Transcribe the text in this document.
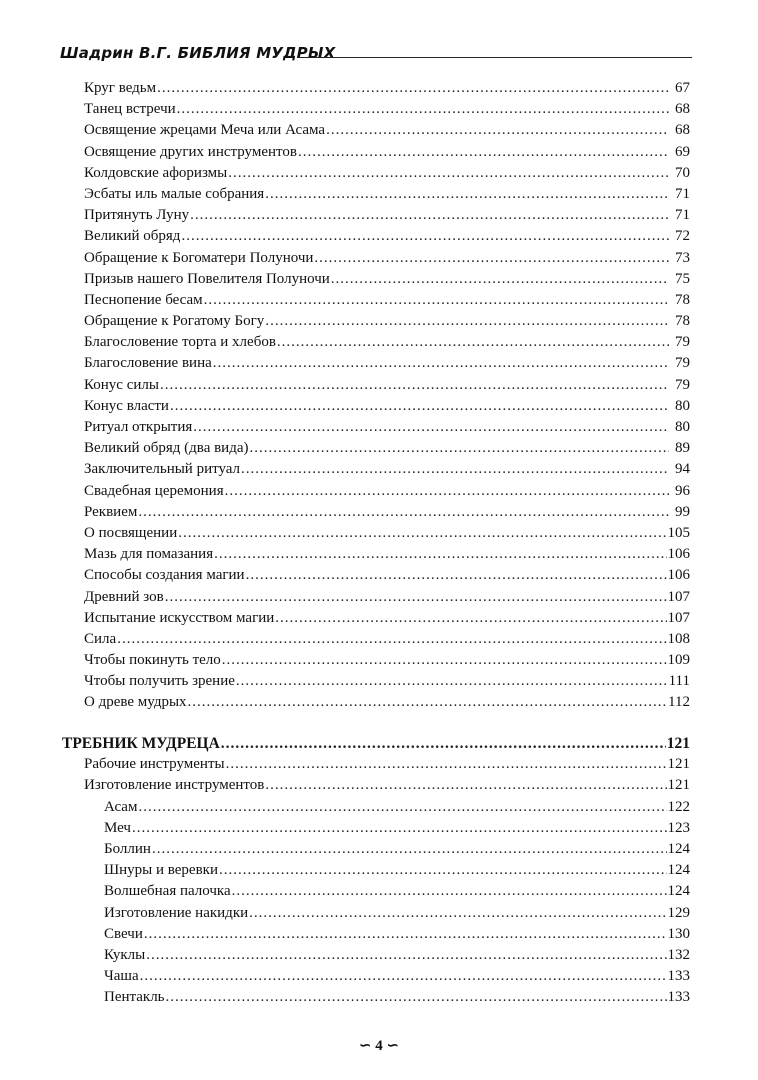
Шадрин В.Г. БИБЛИЯ МУДРЫХ
Круг ведьм .....	67
Танец встречи .....	68
Освящение жрецами Меча или Асама .....	68
Освящение других инструментов .....	69
Колдовские афоризмы .....	70
Эсбаты иль малые собрания .....	71
Притянуть Луну .....	71
Великий обряд .....	72
Обращение к Богоматери Полуночи .....	73
Призыв нашего Повелителя Полуночи .....	75
Песнопение бесам .....	78
Обращение к Рогатому Богу .....	78
Благословение торта и хлебов .....	79
Благословение вина .....	79
Конус силы .....	79
Конус власти .....	80
Ритуал открытия .....	80
Великий обряд (два вида) .....	89
Заключительный ритуал .....	94
Свадебная церемония .....	96
Реквием .....	99
О посвящении .....	105
Мазь для помазания .....	106
Способы создания магии .....	106
Древний зов .....	107
Испытание искусством магии .....	107
Сила .....	108
Чтобы покинуть тело .....	109
Чтобы получить зрение .....	111
О древе мудрых .....	112
ТРЕБНИК МУДРЕЦА .....	121
Рабочие инструменты .....	121
Изготовление инструментов .....	121
Асам .....	122
Меч .....	123
Боллин .....	124
Шнуры и веревки .....	124
Волшебная палочка .....	124
Изготовление накидки .....	129
Свечи .....	130
Куклы .....	132
Чаша .....	133
Пентакль .....	133
∽ 4 ∽
